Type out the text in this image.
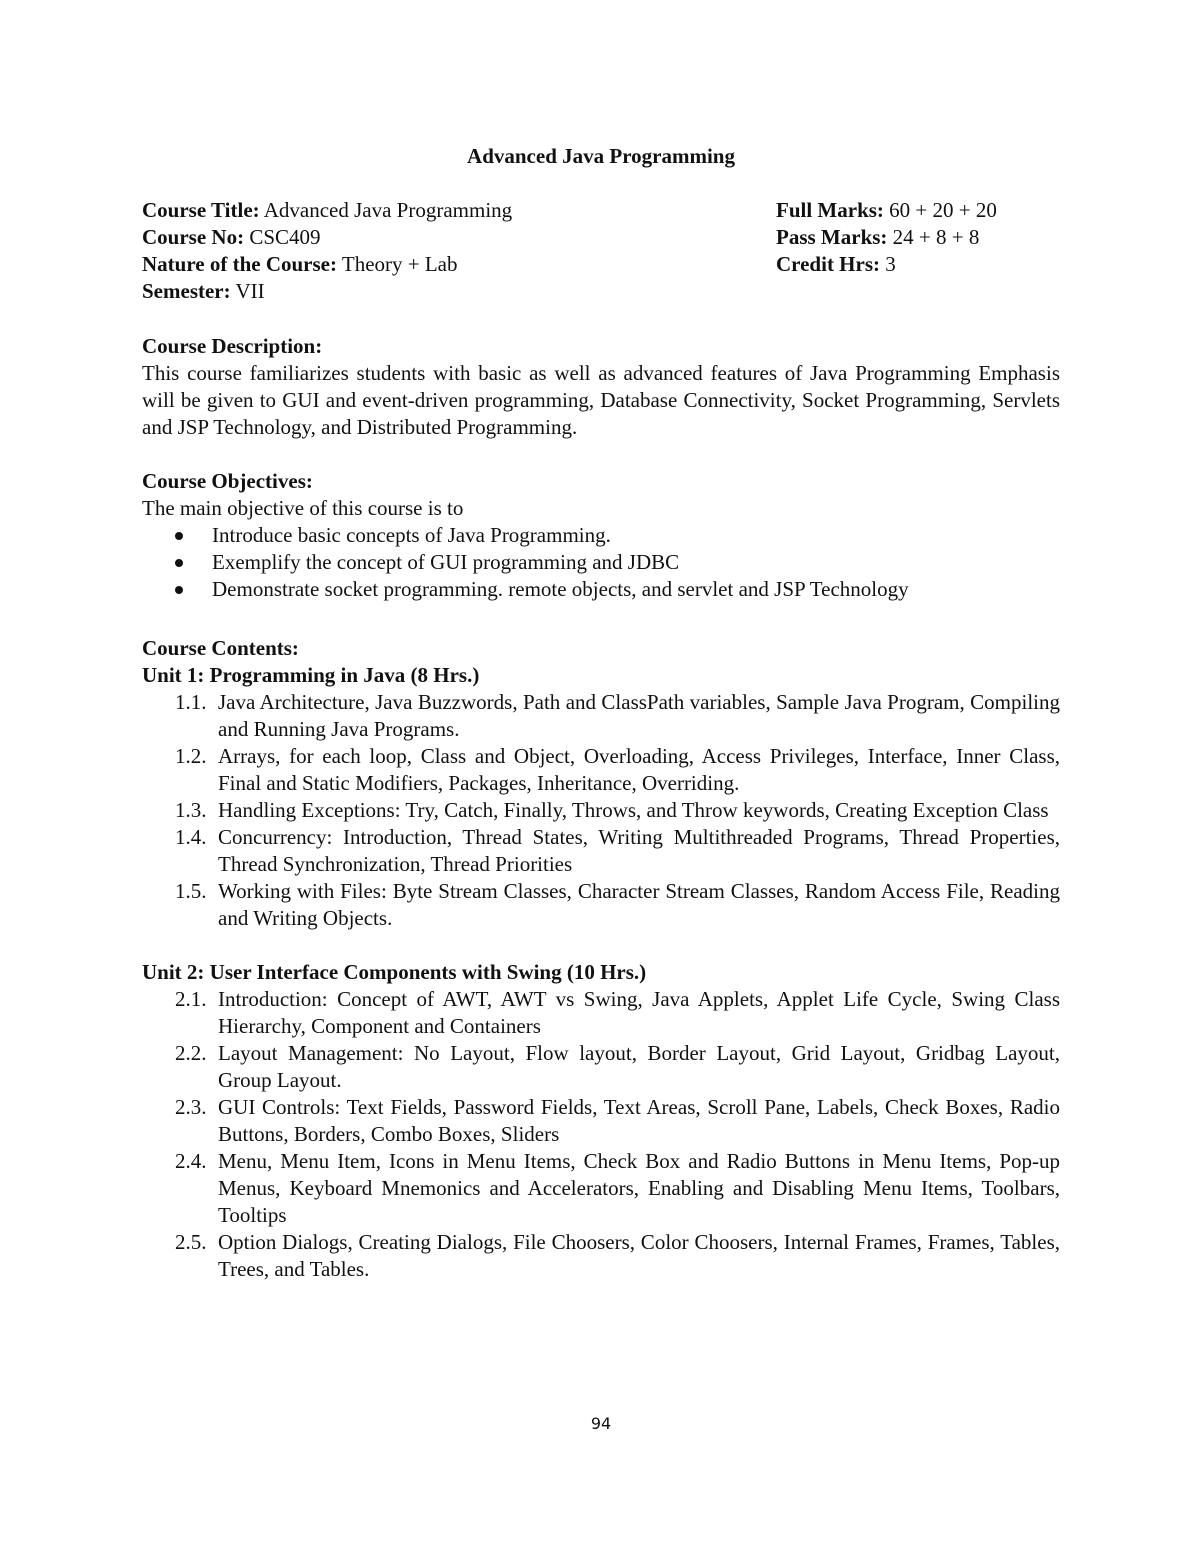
Advanced Java Programming
Course Title: Advanced Java Programming	Full Marks: 60 + 20 + 20
Course No: CSC409	Pass Marks: 24 + 8 + 8
Nature of the Course: Theory + Lab	Credit Hrs: 3
Semester: VII

Course Description:

This course familiarizes students with basic as well as advanced features of Java Programming Emphasis will be given to GUI and event-driven programming, Database Connectivity, Socket Programming, Servlets and JSP Technology, and Distributed Programming.

Course Objectives:

The main objective of this course is to

Introduce basic concepts of Java Programming.
Exemplify the concept of GUI programming and JDBC
Demonstrate socket programming. remote objects, and servlet and JSP Technology

Course Contents:

Unit 1: Programming in Java (8 Hrs.)

1.1. Java Architecture, Java Buzzwords, Path and ClassPath variables, Sample Java Program, Compiling and Running Java Programs.

1.2. Arrays, for each loop, Class and Object, Overloading, Access Privileges, Interface, Inner Class, Final and Static Modifiers, Packages, Inheritance, Overriding.

1.3. Handling Exceptions: Try, Catch, Finally, Throws, and Throw keywords, Creating Exception Class

1.4. Concurrency: Introduction, Thread States, Writing Multithreaded Programs, Thread Properties, Thread Synchronization, Thread Priorities

1.5. Working with Files: Byte Stream Classes, Character Stream Classes, Random Access File, Reading and Writing Objects.

Unit 2: User Interface Components with Swing (10 Hrs.)

2.1. Introduction: Concept of AWT, AWT vs Swing, Java Applets, Applet Life Cycle, Swing Class Hierarchy, Component and Containers

2.2. Layout Management: No Layout, Flow layout, Border Layout, Grid Layout, Gridbag Layout, Group Layout.

2.3. GUI Controls: Text Fields, Password Fields, Text Areas, Scroll Pane, Labels, Check Boxes, Radio Buttons, Borders, Combo Boxes, Sliders

2.4. Menu, Menu Item, Icons in Menu Items, Check Box and Radio Buttons in Menu Items, Pop-up Menus, Keyboard Mnemonics and Accelerators, Enabling and Disabling Menu Items, Toolbars, Tooltips

2.5. Option Dialogs, Creating Dialogs, File Choosers, Color Choosers, Internal Frames, Frames, Tables, Trees, and Tables.

94
